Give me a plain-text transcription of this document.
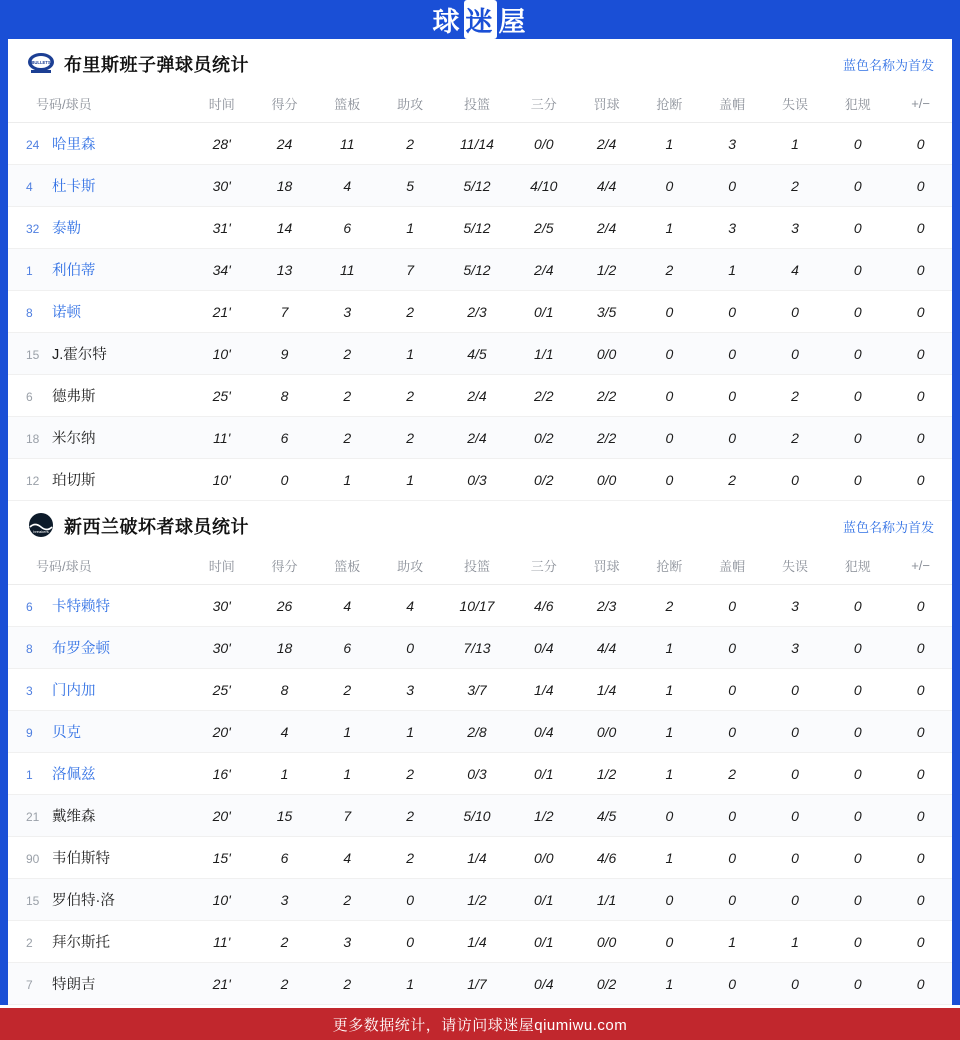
球 迷 屋
BULLETS 布里斯班子弹球员统计	蓝色名称为首发
号码/球员	时间	得分	篮板	助攻	投篮	三分	罚球	抢断	盖帽	失误	犯规	+/−
24 哈里森	28'	24	11	2	11/14	0/0	2/4	1	3	1	0	0
4 杜卡斯	30'	18	4	5	5/12	4/10	4/4	0	0	2	0	0
32 泰勒	31'	14	6	1	5/12	2/5	2/4	1	3	3	0	0
1 利伯蒂	34'	13	11	7	5/12	2/4	1/2	2	1	4	0	0
8 诺顿	21'	7	3	2	2/3	0/1	3/5	0	0	0	0	0
15 J.霍尔特	10'	9	2	1	4/5	1/1	0/0	0	0	0	0	0
6 德弗斯	25'	8	2	2	2/4	2/2	2/2	0	0	2	0	0
18 米尔纳	11'	6	2	2	2/4	0/2	2/2	0	0	2	0	0
12 珀切斯	10'	0	1	1	0/3	0/2	0/0	0	2	0	0	0
breakers 新西兰破坏者球员统计	蓝色名称为首发
号码/球员	时间	得分	篮板	助攻	投篮	三分	罚球	抢断	盖帽	失误	犯规	+/−
6 卡特赖特	30'	26	4	4	10/17	4/6	2/3	2	0	3	0	0
8 布罗金顿	30'	18	6	0	7/13	0/4	4/4	1	0	3	0	0
3 门内加	25'	8	2	3	3/7	1/4	1/4	1	0	0	0	0
9 贝克	20'	4	1	1	2/8	0/4	0/0	1	0	0	0	0
1 洛佩兹	16'	1	1	2	0/3	0/1	1/2	1	2	0	0	0
21 戴维森	20'	15	7	2	5/10	1/2	4/5	0	0	0	0	0
90 韦伯斯特	15'	6	4	2	1/4	0/0	4/6	1	0	0	0	0
15 罗伯特·洛	10'	3	2	0	1/2	0/1	1/1	0	0	0	0	0
2 拜尔斯托	11'	2	3	0	1/4	0/1	0/0	0	1	1	0	0
7 特朗吉	21'	2	2	1	1/7	0/4	0/2	1	0	0	0	0
更多数据统计，请访问球迷屋qiumiwu.com
